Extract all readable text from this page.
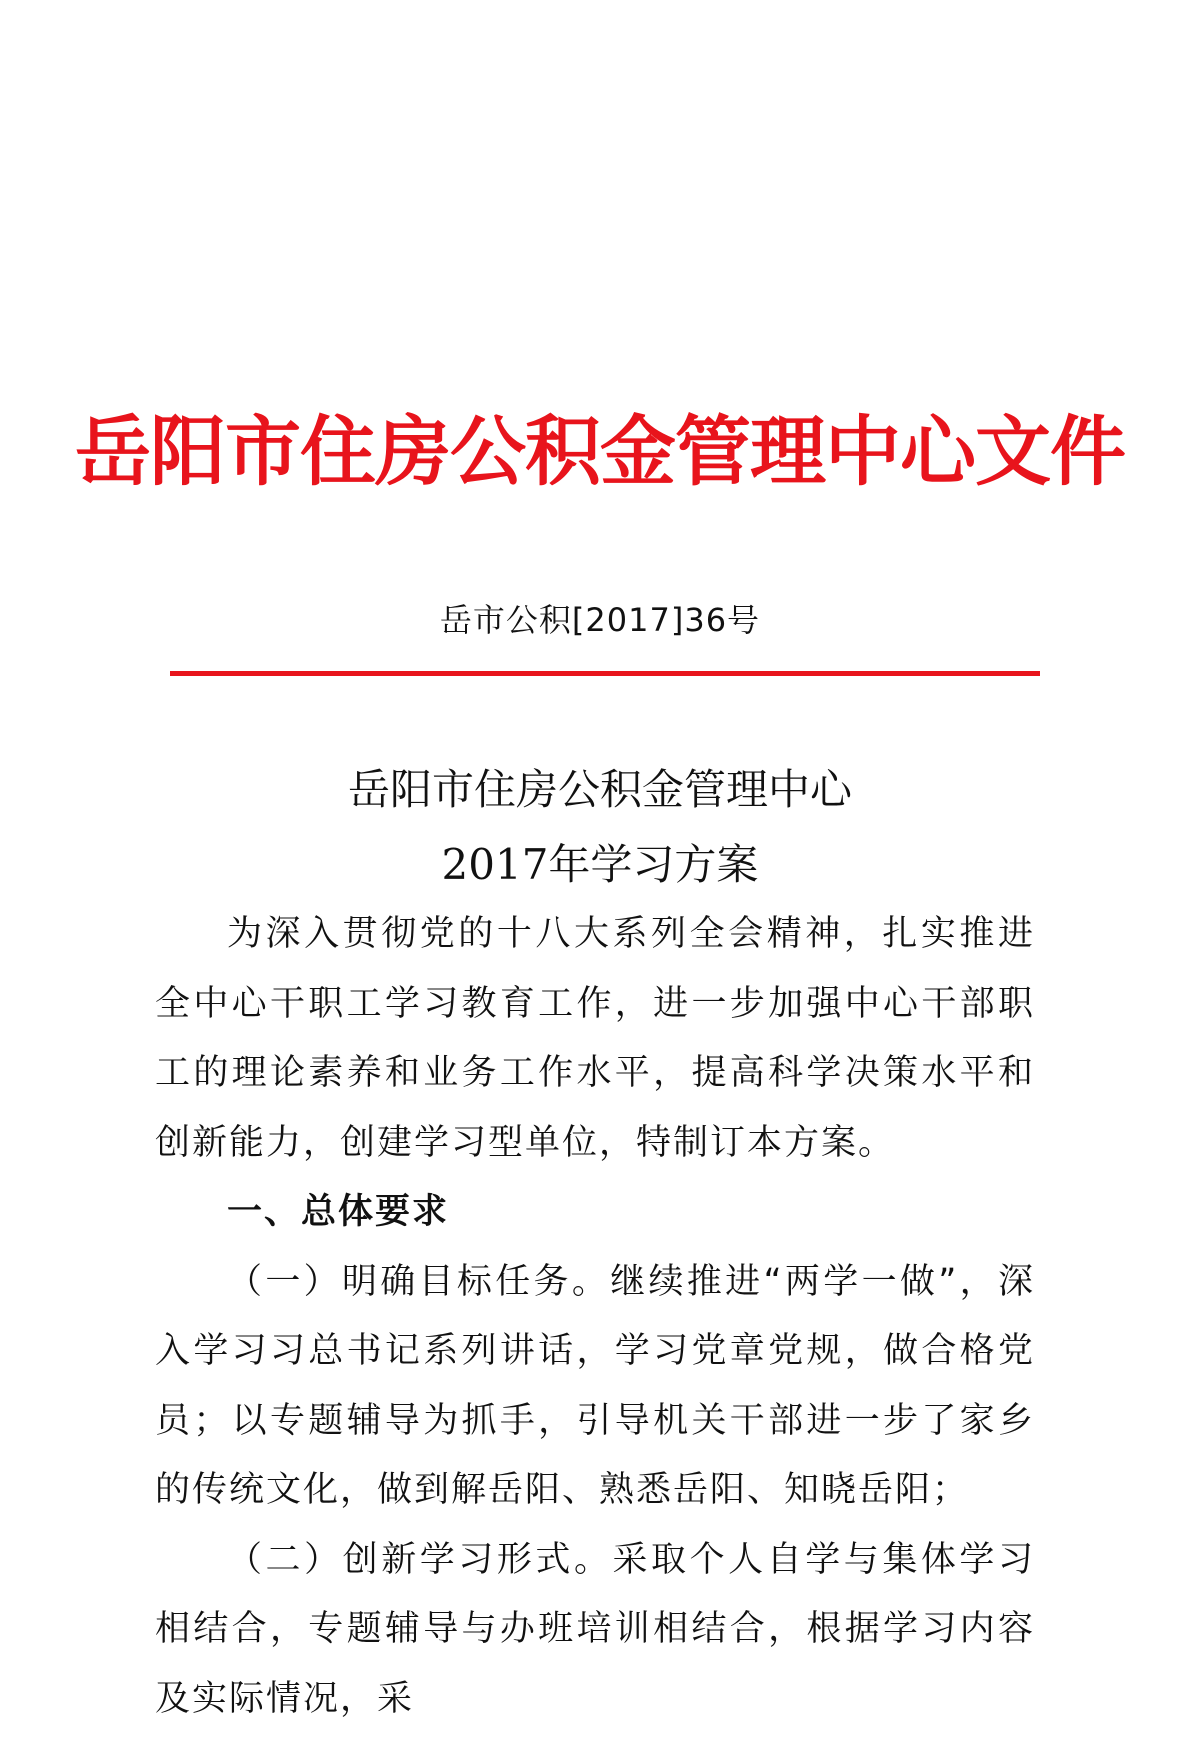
岳阳市住房公积金管理中心文件
岳市公积[2017]36号
岳阳市住房公积金管理中心
2017年学习方案

为深入贯彻党的十八大系列全会精神，扎实推进全中心干职工学习教育工作，进一步加强中心干部职工的理论素养和业务工作水平，提高科学决策水平和创新能力，创建学习型单位，特制订本方案。

一、总体要求

（一）明确目标任务。继续推进“两学一做”，深入学习习总书记系列讲话，学习党章党规，做合格党员；以专题辅导为抓手，引导机关干部进一步了家乡的传统文化，做到解岳阳、熟悉岳阳、知晓岳阳；

（二）创新学习形式。采取个人自学与集体学习相结合，专题辅导与办班培训相结合，根据学习内容及实际情况，采
